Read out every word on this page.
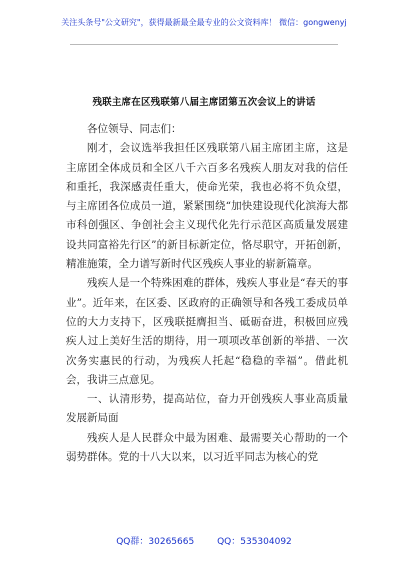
关注头条号"公文研究"，获得最新最全最专业的公文资料库！ 微信：gongwenyj
残联主席在区残联第八届主席团第五次会议上的讲话

各位领导、同志们：

刚才，会议选举我担任区残联第八届主席团主席，这是主席团全体成员和全区八千六百多名残疾人朋友对我的信任和重托，我深感责任重大，使命光荣，我也必将不负众望，与主席团各位成员一道，紧紧围绕“加快建设现代化滨海大都市科创强区、争创社会主义现代化先行示范区高质量发展建设共同富裕先行区”的新目标新定位，恪尽职守，开拓创新，精准施策，全力谱写新时代区残疾人事业的崭新篇章。

残疾人是一个特殊困难的群体，残疾人事业是“春天的事业”。近年来，在区委、区政府的正确领导和各残工委成员单位的大力支持下，区残联挺膺担当、砥砺奋进，积极回应残疾人过上美好生活的期待，用一项项改革创新的举措、一次次务实惠民的行动，为残疾人托起“稳稳的幸福”。借此机会，我讲三点意见。

一、认清形势，提高站位，奋力开创残疾人事业高质量发展新局面

残疾人是人民群众中最为困难、最需要关心帮助的一个弱势群体。党的十八大以来，以习近平同志为核心的党

QQ群：30265665	QQ：535304092
